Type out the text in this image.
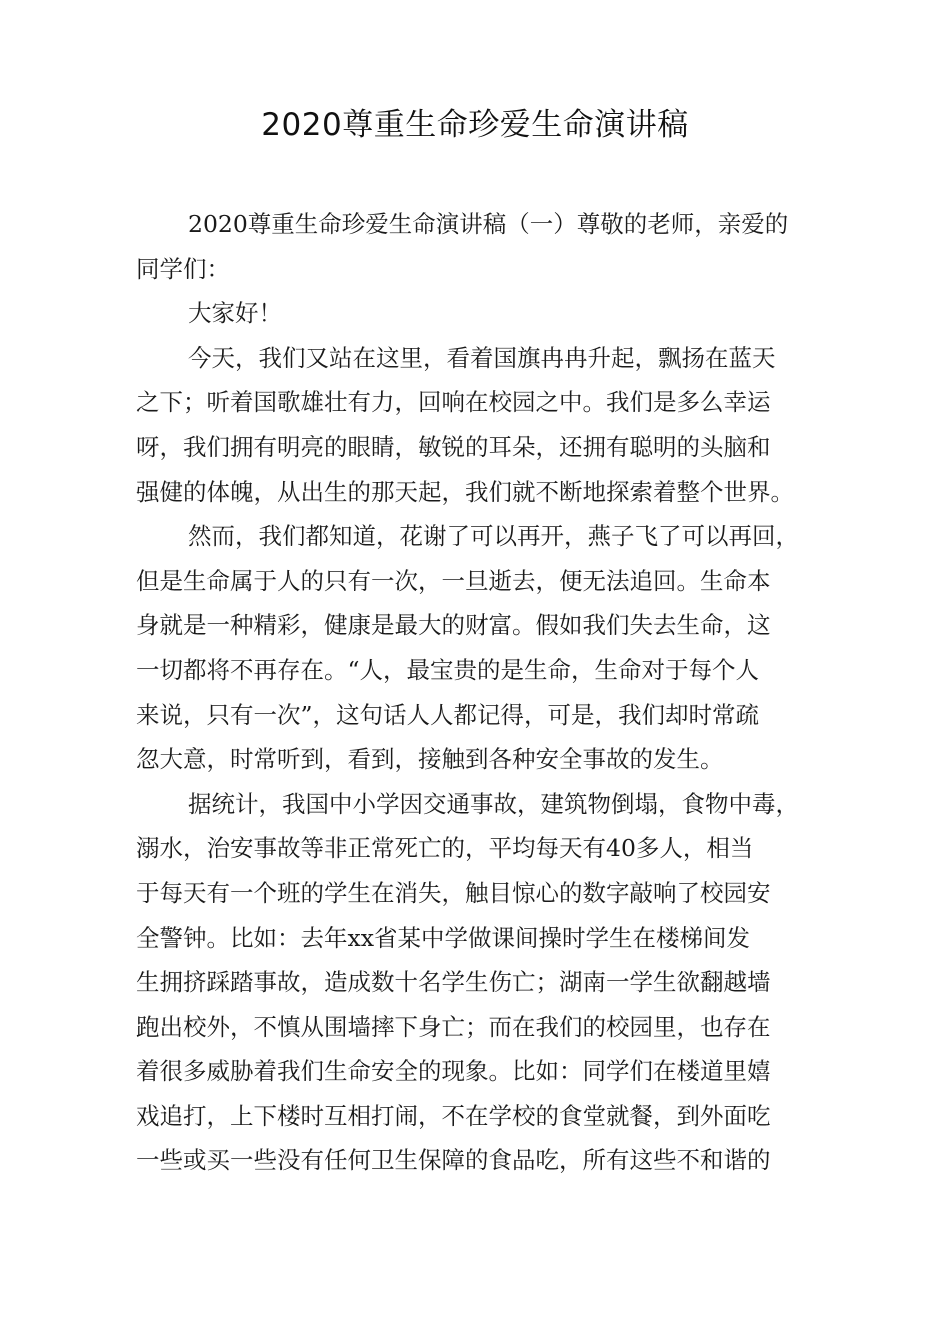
2020尊重生命珍爱生命演讲稿
2020尊重生命珍爱生命演讲稿（一）尊敬的老师，亲爱的
同学们：
大家好！
今天，我们又站在这里，看着国旗冉冉升起，飘扬在蓝天
之下；听着国歌雄壮有力，回响在校园之中。我们是多么幸运
呀，我们拥有明亮的眼睛，敏锐的耳朵，还拥有聪明的头脑和
强健的体魄，从出生的那天起，我们就不断地探索着整个世界。
然而，我们都知道，花谢了可以再开，燕子飞了可以再回，
但是生命属于人的只有一次，一旦逝去，便无法追回。生命本
身就是一种精彩，健康是最大的财富。假如我们失去生命，这
一切都将不再存在。“人，最宝贵的是生命，生命对于每个人
来说，只有一次”，这句话人人都记得，可是，我们却时常疏
忽大意，时常听到，看到，接触到各种安全事故的发生。
据统计，我国中小学因交通事故，建筑物倒塌，食物中毒，
溺水，治安事故等非正常死亡的，平均每天有40多人，相当
于每天有一个班的学生在消失，触目惊心的数字敲响了校园安
全警钟。比如：去年xx省某中学做课间操时学生在楼梯间发
生拥挤踩踏事故，造成数十名学生伤亡；湖南一学生欲翻越墙
跑出校外，不慎从围墙摔下身亡；而在我们的校园里，也存在
着很多威胁着我们生命安全的现象。比如：同学们在楼道里嬉
戏追打，上下楼时互相打闹，不在学校的食堂就餐，到外面吃
一些或买一些没有任何卫生保障的食品吃，所有这些不和谐的
